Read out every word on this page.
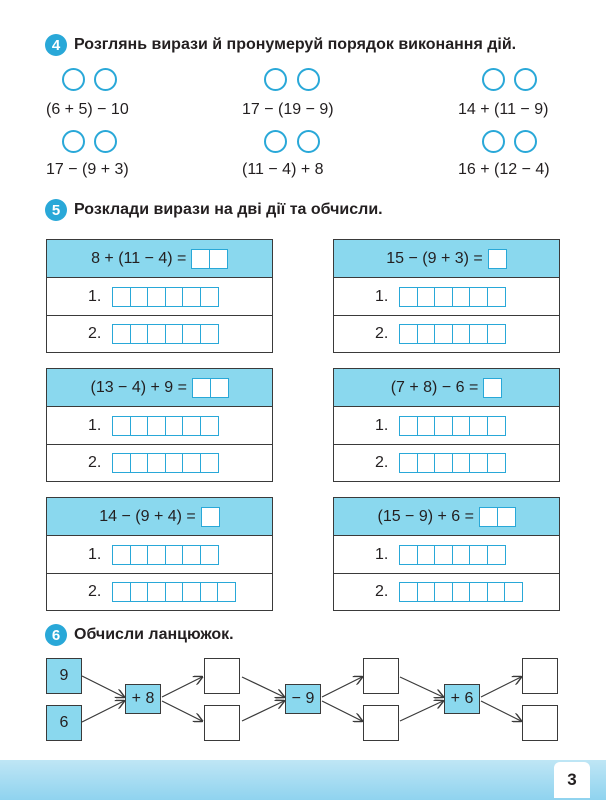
4 Розглянь вирази й пронумеруй порядок виконання дій.
(6 + 5) − 10	17 − (19 − 9)	14 + (11 − 9)
17 − (9 + 3)	(11 − 4) + 8	16 + (12 − 4)
5 Розклади вирази на дві дії та обчисли.
8 + (11 − 4) =
1.
2.
15 − (9 + 3) =
1.
2.
(13 − 4) + 9 =
1.
2.
(7 + 8) − 6 =
1.
2.
14 − (9 + 4) =
1.
2.
(15 − 9) + 6 =
1.
2.
6 Обчисли ланцюжок.
9
6
+ 8	− 9	+ 6
3
